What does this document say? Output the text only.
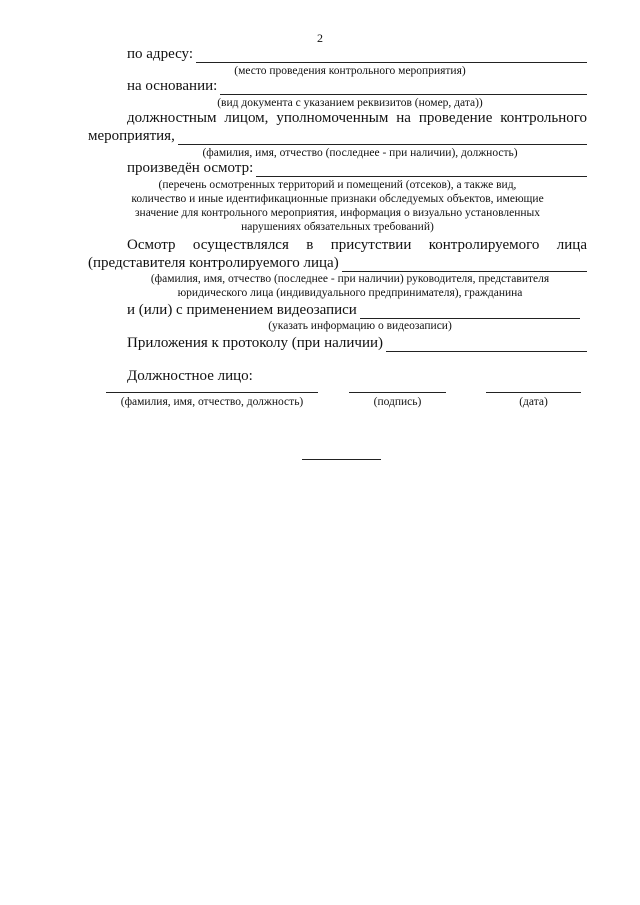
2
по адресу:
(место проведения контрольного мероприятия)
на основании:
(вид документа с указанием реквизитов (номер, дата))
должностным лицом, уполномоченным на проведение контрольного
мероприятия,
(фамилия, имя, отчество (последнее - при наличии), должность)
произведён осмотр:
(перечень осмотренных территорий и помещений (отсеков), а также вид,
количество и иные идентификационные признаки обследуемых объектов, имеющие
значение для контрольного мероприятия, информация о визуально установленных
нарушениях обязательных требований)
Осмотр осуществлялся в присутствии контролируемого лица
(представителя контролируемого лица)
(фамилия, имя, отчество (последнее - при наличии) руководителя, представителя
юридического лица (индивидуального предпринимателя), гражданина
и (или) с применением видеозаписи
(указать информацию о видеозаписи)
Приложения к протоколу (при наличии)
Должностное лицо:
(фамилия, имя, отчество, должность)	(подпись)	(дата)
